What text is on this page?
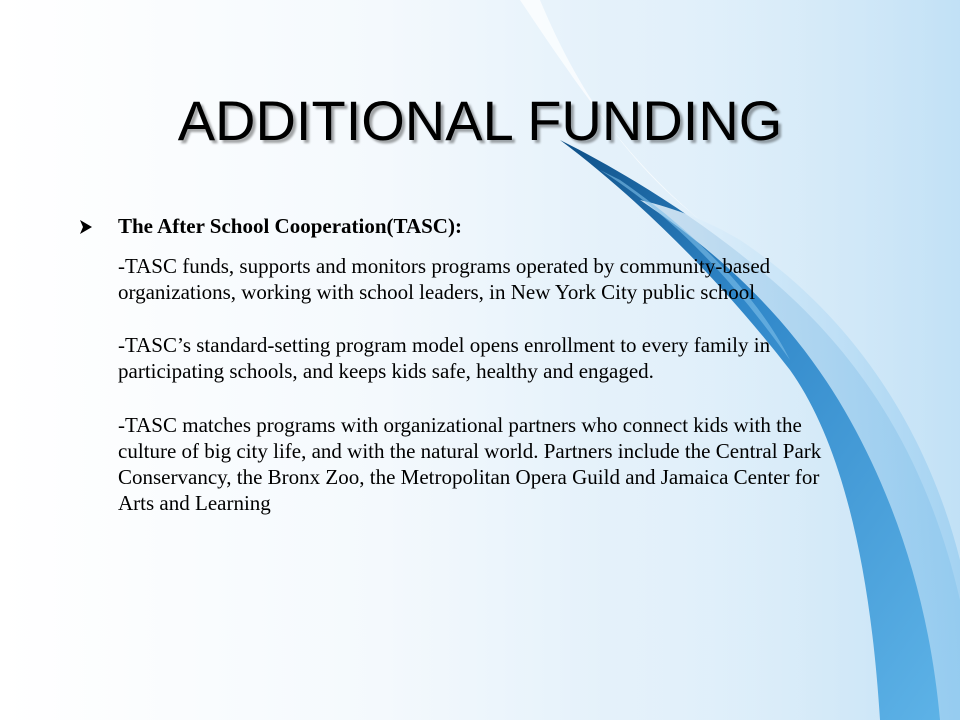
ADDITIONAL FUNDING
The After School Cooperation(TASC):
-TASC funds, supports and monitors programs operated by community-based organizations, working with school leaders, in New York City public school
-TASC’s standard-setting program model opens enrollment to every family in participating schools, and keeps kids safe, healthy and engaged.
-TASC matches programs with organizational partners who connect kids with the culture of big city life, and with the natural world. Partners include the Central Park Conservancy, the Bronx Zoo, the Metropolitan Opera Guild and Jamaica Center for Arts and Learning
